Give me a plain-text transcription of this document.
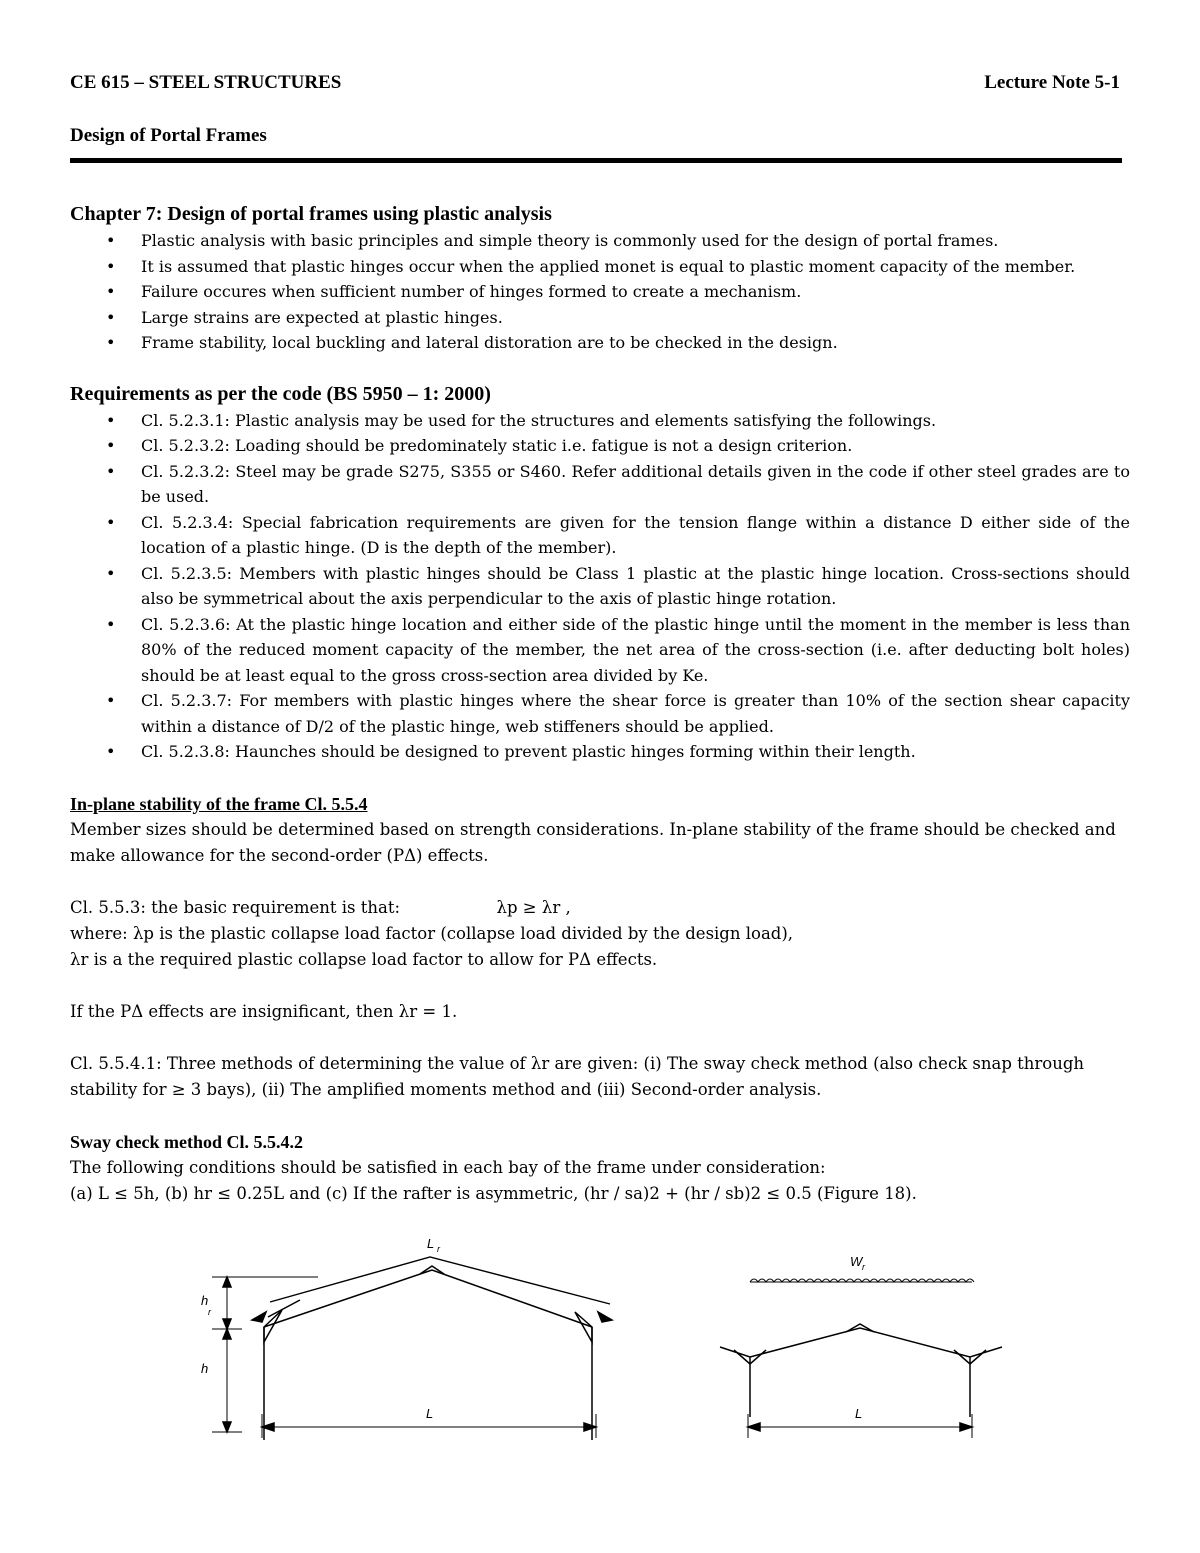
CE 615 – STEEL STRUCTURES	Lecture Note 5-1
Design of Portal Frames
Chapter 7: Design of portal frames using plastic analysis
• Plastic analysis with basic principles and simple theory is commonly used for the design of portal frames.
• It is assumed that plastic hinges occur when the applied monet is equal to plastic moment capacity of the member.
• Failure occures when sufficient number of hinges formed to create a mechanism.
• Large strains are expected at plastic hinges.
• Frame stability, local buckling and lateral distoration are to be checked in the design.
Requirements as per the code (BS 5950 – 1: 2000)
• Cl. 5.2.3.1: Plastic analysis may be used for the structures and elements satisfying the followings.
• Cl. 5.2.3.2: Loading should be predominately static i.e. fatigue is not a design criterion.
• Cl. 5.2.3.2: Steel may be grade S275, S355 or S460. Refer additional details given in the code if other steel grades are to be used.
• Cl. 5.2.3.4: Special fabrication requirements are given for the tension flange within a distance D either side of the location of a plastic hinge. (D is the depth of the member).
• Cl. 5.2.3.5: Members with plastic hinges should be Class 1 plastic at the plastic hinge location. Cross-sections should also be symmetrical about the axis perpendicular to the axis of plastic hinge rotation.
• Cl. 5.2.3.6: At the plastic hinge location and either side of the plastic hinge until the moment in the member is less than 80% of the reduced moment capacity of the member, the net area of the cross-section (i.e. after deducting bolt holes) should be at least equal to the gross cross-section area divided by Ke.
• Cl. 5.2.3.7: For members with plastic hinges where the shear force is greater than 10% of the section shear capacity within a distance of D/2 of the plastic hinge, web stiffeners should be applied.
• Cl. 5.2.3.8: Haunches should be designed to prevent plastic hinges forming within their length.
In-plane stability of the frame Cl. 5.5.4

Member sizes should be determined based on strength considerations. In-plane stability of the frame should be checked and make allowance for the second-order (PΔ) effects.

Cl. 5.5.3: the basic requirement is that:	λp ≥ λr ,

where: λp is the plastic collapse load factor (collapse load divided by the design load),

λr is a the required plastic collapse load factor to allow for PΔ effects.

If the PΔ effects are insignificant, then λr = 1.

Cl. 5.5.4.1: Three methods of determining the value of λr are given: (i) The sway check method (also check snap through stability for ≥ 3 bays), (ii) The amplified moments method and (iii) Second-order analysis.

Sway check method Cl. 5.5.4.2

The following conditions should be satisfied in each bay of the frame under consideration:

(a) L ≤ 5h, (b) hr ≤ 0.25L and (c) If the rafter is asymmetric, (hr / sa)2 + (hr / sb)2 ≤ 0.5 (Figure 18).

L r
h
r
h
L
W r
L
